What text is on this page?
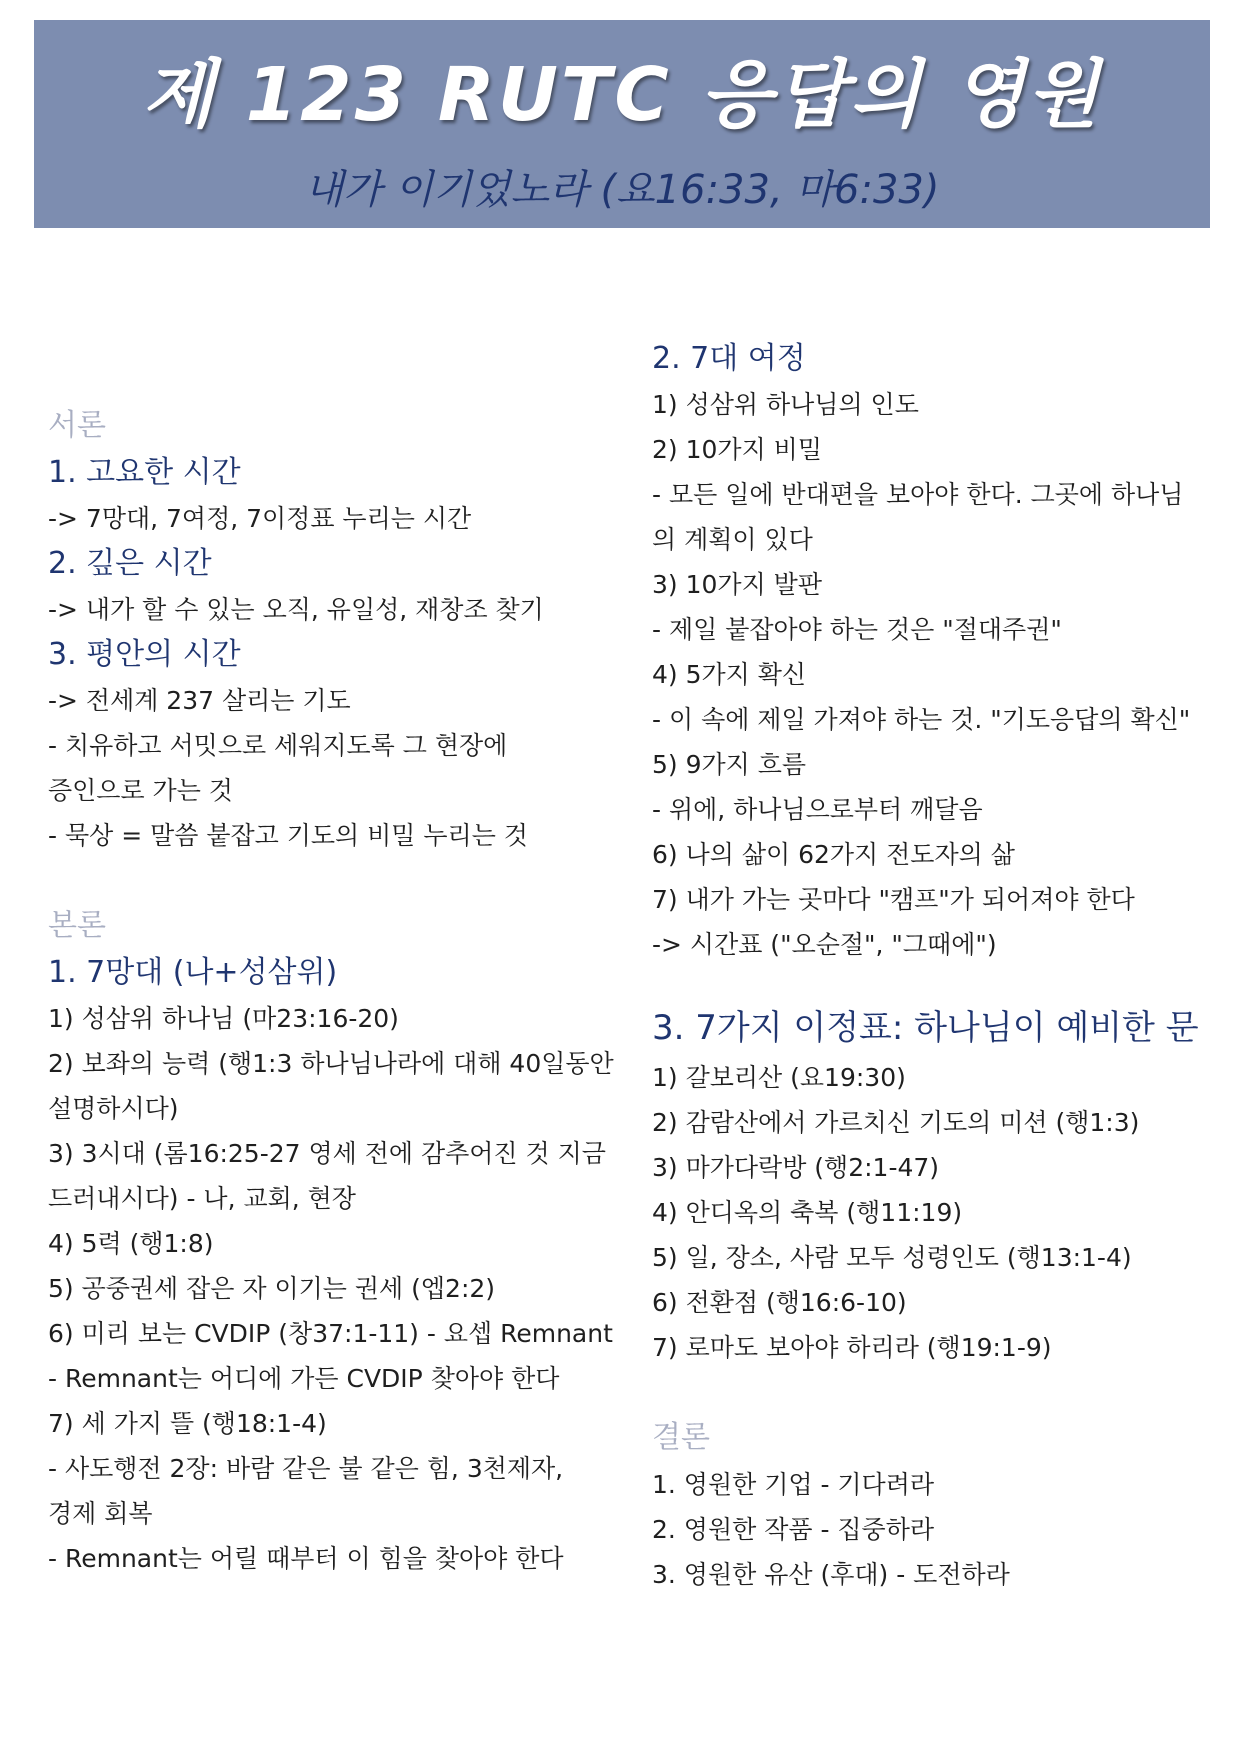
제 123 RUTC 응답의 영원
내가 이기었노라 (요16:33, 마6:33)

서론

1. 고요한 시간

-> 7망대, 7여정, 7이정표 누리는 시간

2. 깊은 시간

-> 내가 할 수 있는 오직, 유일성, 재창조 찾기

3. 평안의 시간

-> 전세계 237 살리는 기도

- 치유하고 서밋으로 세워지도록 그 현장에

증인으로 가는 것

- 묵상 = 말씀 붙잡고 기도의 비밀 누리는 것

본론

1. 7망대 (나+성삼위)

1) 성삼위 하나님 (마23:16-20)

2) 보좌의 능력 (행1:3 하나님나라에 대해 40일동안

설명하시다)

3) 3시대 (롬16:25-27 영세 전에 감추어진 것 지금

드러내시다) - 나, 교회, 현장

4) 5력 (행1:8)

5) 공중권세 잡은 자 이기는 권세 (엡2:2)

6) 미리 보는 CVDIP (창37:1-11) - 요셉 Remnant

- Remnant는 어디에 가든 CVDIP 찾아야 한다

7) 세 가지 뜰 (행18:1-4)

- 사도행전 2장: 바람 같은 불 같은 힘, 3천제자,

경제 회복

- Remnant는 어릴 때부터 이 힘을 찾아야 한다

2. 7대 여정

1) 성삼위 하나님의 인도

2) 10가지 비밀

- 모든 일에 반대편을 보아야 한다. 그곳에 하나님

의 계획이 있다

3) 10가지 발판

- 제일 붙잡아야 하는 것은 "절대주권"

4) 5가지 확신

- 이 속에 제일 가져야 하는 것. "기도응답의 확신"

5) 9가지 흐름

- 위에, 하나님으로부터 깨달음

6) 나의 삶이 62가지 전도자의 삶

7) 내가 가는 곳마다 "캠프"가 되어져야 한다

-> 시간표 ("오순절", "그때에")

3. 7가지 이정표: 하나님이 예비한 문

1) 갈보리산 (요19:30)

2) 감람산에서 가르치신 기도의 미션 (행1:3)

3) 마가다락방 (행2:1-47)

4) 안디옥의 축복 (행11:19)

5) 일, 장소, 사람 모두 성령인도 (행13:1-4)

6) 전환점 (행16:6-10)

7) 로마도 보아야 하리라 (행19:1-9)

결론

1. 영원한 기업 - 기다려라

2. 영원한 작품 - 집중하라

3. 영원한 유산 (후대) - 도전하라
